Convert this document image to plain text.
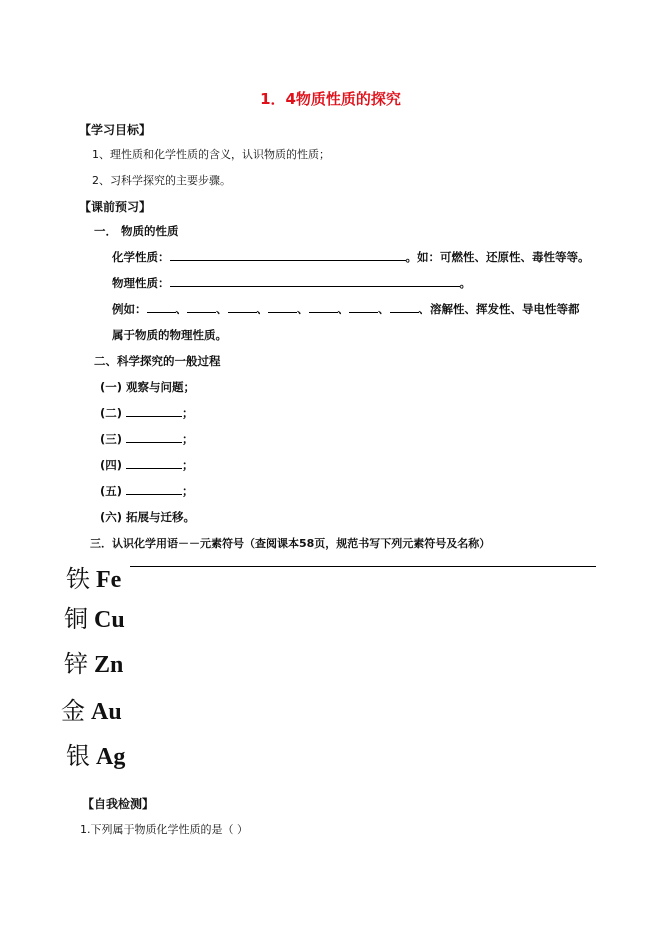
1．4物质性质的探究
【学习目标】
1、理性质和化学性质的含义，认识物质的性质；
2、习科学探究的主要步骤。
【课前预习】
一． 物质的性质
化学性质：	。如：可燃性、还原性、毒性等等。
物理性质：	。
例如：	、	、	、	、	、	、	、溶解性、挥发性、导电性等都
属于物质的物理性质。
二、科学探究的一般过程
(一) 观察与问题；
(二)	；
(三)	；
(四)	；
(五)	；
(六) 拓展与迁移。
三．认识化学用语－－元素符号（查阅课本58页，规范书写下列元素符号及名称）
铁 Fe
铜 Cu
锌 Zn
金 Au
银 Ag
【自我检测】
1.下列属于物质化学性质的是（ ）
